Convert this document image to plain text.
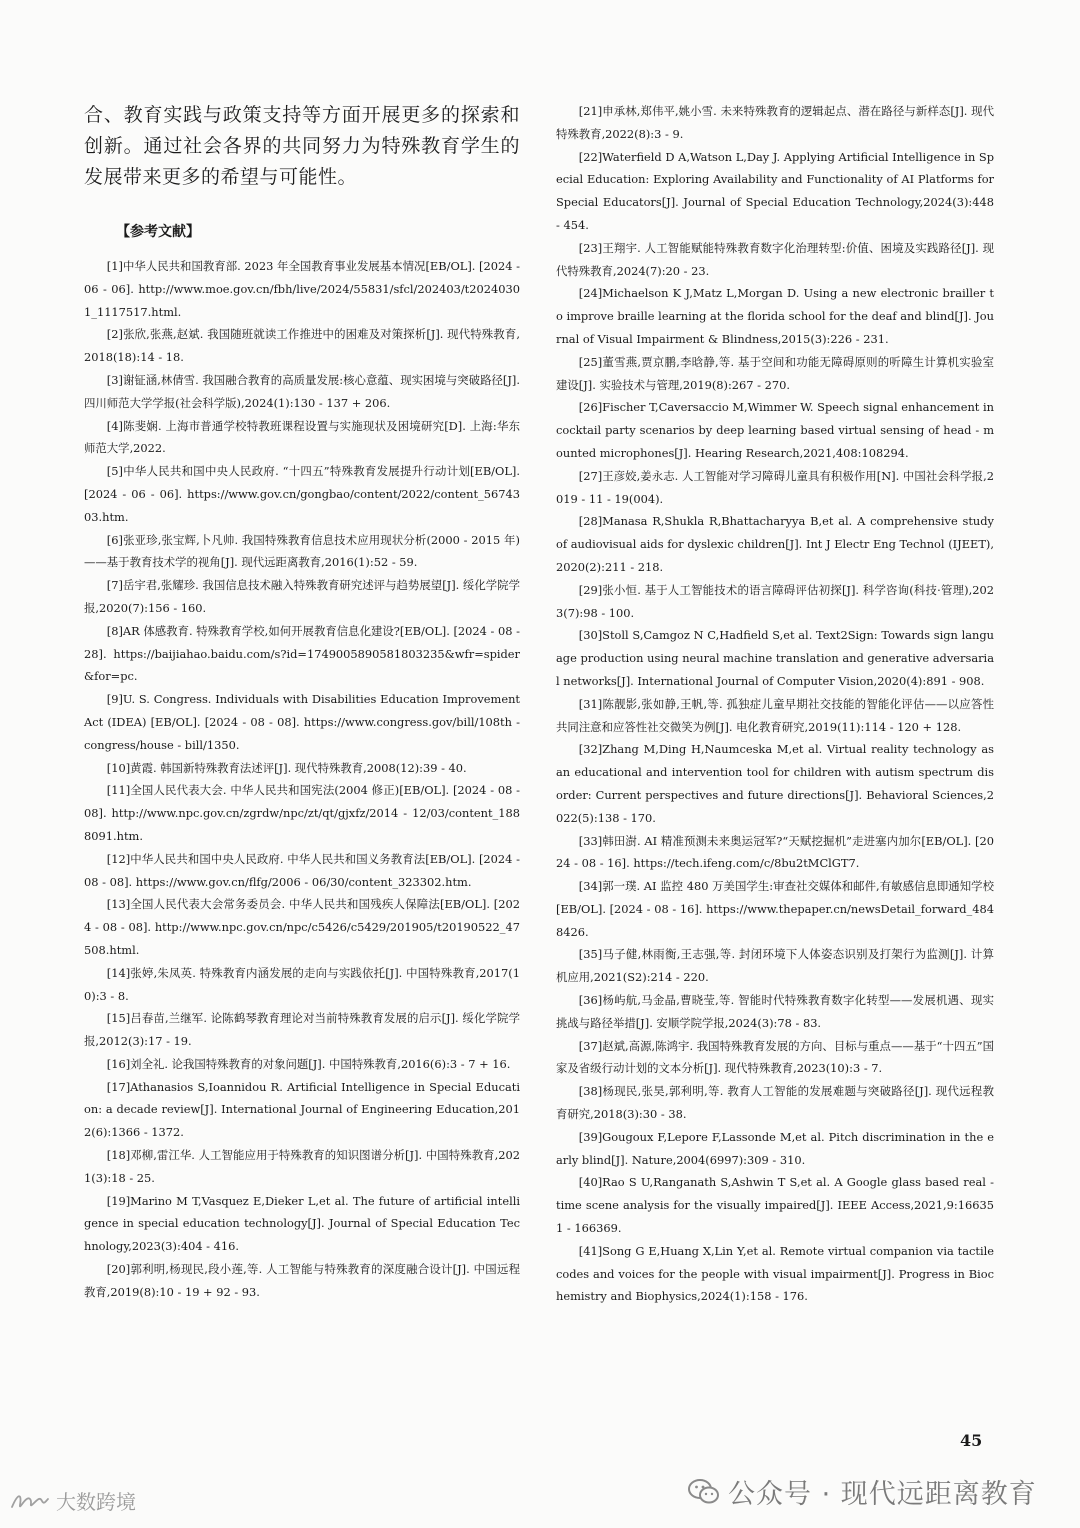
合、教育实践与政策支持等方面开展更多的探索和创新。通过社会各界的共同努力为特殊教育学生的发展带来更多的希望与可能性。

【参考文献】

[1]中华人民共和国教育部. 2023 年全国教育事业发展基本情况[EB/OL]. [2024 - 06 - 06]. http://www.moe.gov.cn/fbh/live/2024/55831/sfcl/202403/t20240301_1117517.html.

[2]张欣,张燕,赵斌. 我国随班就读工作推进中的困难及对策探析[J]. 现代特殊教育,2018(18):14 - 18.

[3]谢钲涵,林倩雪. 我国融合教育的高质量发展:核心意蕴、现实困境与突破路径[J]. 四川师范大学学报(社会科学版),2024(1):130 - 137 + 206.

[4]陈斐娴. 上海市普通学校特教班课程设置与实施现状及困境研究[D]. 上海:华东师范大学,2022.

[5]中华人民共和国中央人民政府. “十四五”特殊教育发展提升行动计划[EB/OL]. [2024 - 06 - 06]. https://www.gov.cn/gongbao/content/2022/content_5674303.htm.

[6]张亚珍,张宝辉,卜凡帅. 我国特殊教育信息技术应用现状分析(2000 - 2015 年)——基于教育技术学的视角[J]. 现代远距离教育,2016(1):52 - 59.

[7]岳宇君,张耀珍. 我国信息技术融入特殊教育研究述评与趋势展望[J]. 绥化学院学报,2020(7):156 - 160.

[8]AR 体感教育. 特殊教育学校,如何开展教育信息化建设?[EB/OL]. [2024 - 08 - 28]. https://baijiahao.baidu.com/s?id=1749005890581803235&wfr=spider&for=pc.

[9]U. S. Congress. Individuals with Disabilities Education Improvement Act (IDEA) [EB/OL]. [2024 - 08 - 08]. https://www.congress.gov/bill/108th - congress/house - bill/1350.

[10]黄霞. 韩国新特殊教育法述评[J]. 现代特殊教育,2008(12):39 - 40.

[11]全国人民代表大会. 中华人民共和国宪法(2004 修正)[EB/OL]. [2024 - 08 - 08]. http://www.npc.gov.cn/zgrdw/npc/zt/qt/gjxfz/2014 - 12/03/content_1888091.htm.

[12]中华人民共和国中央人民政府. 中华人民共和国义务教育法[EB/OL]. [2024 - 08 - 08]. https://www.gov.cn/flfg/2006 - 06/30/content_323302.htm.

[13]全国人民代表大会常务委员会. 中华人民共和国残疾人保障法[EB/OL]. [2024 - 08 - 08]. http://www.npc.gov.cn/npc/c5426/c5429/201905/t20190522_47508.html.

[14]张婷,朱凤英. 特殊教育内涵发展的走向与实践依托[J]. 中国特殊教育,2017(10):3 - 8.

[15]吕春苗,兰继军. 论陈鹤琴教育理论对当前特殊教育发展的启示[J]. 绥化学院学报,2012(3):17 - 19.

[16]刘全礼. 论我国特殊教育的对象问题[J]. 中国特殊教育,2016(6):3 - 7 + 16.

[17]Athanasios S,Ioannidou R. Artificial Intelligence in Special Education: a decade review[J]. International Journal of Engineering Education,2012(6):1366 - 1372.

[18]邓柳,雷江华. 人工智能应用于特殊教育的知识图谱分析[J]. 中国特殊教育,2021(3):18 - 25.

[19]Marino M T,Vasquez E,Dieker L,et al. The future of artificial intelligence in special education technology[J]. Journal of Special Education Technology,2023(3):404 - 416.

[20]郭利明,杨现民,段小莲,等. 人工智能与特殊教育的深度融合设计[J]. 中国远程教育,2019(8):10 - 19 + 92 - 93.

[21]申承林,郑伟平,姚小雪. 未来特殊教育的逻辑起点、潜在路径与新样态[J]. 现代特殊教育,2022(8):3 - 9.

[22]Waterfield D A,Watson L,Day J. Applying Artificial Intelligence in Special Education: Exploring Availability and Functionality of AI Platforms for Special Educators[J]. Journal of Special Education Technology,2024(3):448 - 454.

[23]王翔宇. 人工智能赋能特殊教育数字化治理转型:价值、困境及实践路径[J]. 现代特殊教育,2024(7):20 - 23.

[24]Michaelson K J,Matz L,Morgan D. Using a new electronic brailler to improve braille learning at the florida school for the deaf and blind[J]. Journal of Visual Impairment & Blindness,2015(3):226 - 231.

[25]董雪燕,贾京鹏,李晗静,等. 基于空间和功能无障碍原则的听障生计算机实验室建设[J]. 实验技术与管理,2019(8):267 - 270.

[26]Fischer T,Caversaccio M,Wimmer W. Speech signal enhancement in cocktail party scenarios by deep learning based virtual sensing of head - mounted microphones[J]. Hearing Research,2021,408:108294.

[27]王彦姣,姜永志. 人工智能对学习障碍儿童具有积极作用[N]. 中国社会科学报,2019 - 11 - 19(004).

[28]Manasa R,Shukla R,Bhattacharyya B,et al. A comprehensive study of audiovisual aids for dyslexic children[J]. Int J Electr Eng Technol (IJEET),2020(2):211 - 218.

[29]张小恒. 基于人工智能技术的语言障碍评估初探[J]. 科学咨询(科技·管理),2023(7):98 - 100.

[30]Stoll S,Camgoz N C,Hadfield S,et al. Text2Sign: Towards sign language production using neural machine translation and generative adversarial networks[J]. International Journal of Computer Vision,2020(4):891 - 908.

[31]陈靓影,张如静,王帆,等. 孤独症儿童早期社交技能的智能化评估——以应答性共同注意和应答性社交微笑为例[J]. 电化教育研究,2019(11):114 - 120 + 128.

[32]Zhang M,Ding H,Naumceska M,et al. Virtual reality technology as an educational and intervention tool for children with autism spectrum disorder: Current perspectives and future directions[J]. Behavioral Sciences,2022(5):138 - 170.

[33]韩田澍. AI 精准预测未来奥运冠军?“天赋挖掘机”走进塞内加尔[EB/OL]. [2024 - 08 - 16]. https://tech.ifeng.com/c/8bu2tMClGT7.

[34]郭一璞. AI 监控 480 万美国学生:审查社交媒体和邮件,有敏感信息即通知学校[EB/OL]. [2024 - 08 - 16]. https://www.thepaper.cn/newsDetail_forward_4848426.

[35]马子健,林雨衡,王志强,等. 封闭环境下人体姿态识别及打架行为监测[J]. 计算机应用,2021(S2):214 - 220.

[36]杨屿航,马金晶,曹晓莹,等. 智能时代特殊教育数字化转型——发展机遇、现实挑战与路径举措[J]. 安顺学院学报,2024(3):78 - 83.

[37]赵斌,高源,陈鸿宇. 我国特殊教育发展的方向、目标与重点——基于“十四五”国家及省级行动计划的文本分析[J]. 现代特殊教育,2023(10):3 - 7.

[38]杨现民,张昊,郭利明,等. 教育人工智能的发展难题与突破路径[J]. 现代远程教育研究,2018(3):30 - 38.

[39]Gougoux F,Lepore F,Lassonde M,et al. Pitch discrimination in the early blind[J]. Nature,2004(6997):309 - 310.

[40]Rao S U,Ranganath S,Ashwin T S,et al. A Google glass based real - time scene analysis for the visually impaired[J]. IEEE Access,2021,9:166351 - 166369.

[41]Song G E,Huang X,Lin Y,et al. Remote virtual companion via tactile codes and voices for the people with visual impairment[J]. Progress in Biochemistry and Biophysics,2024(1):158 - 176.

45
公众号 · 现代远距离教育
大数跨境
